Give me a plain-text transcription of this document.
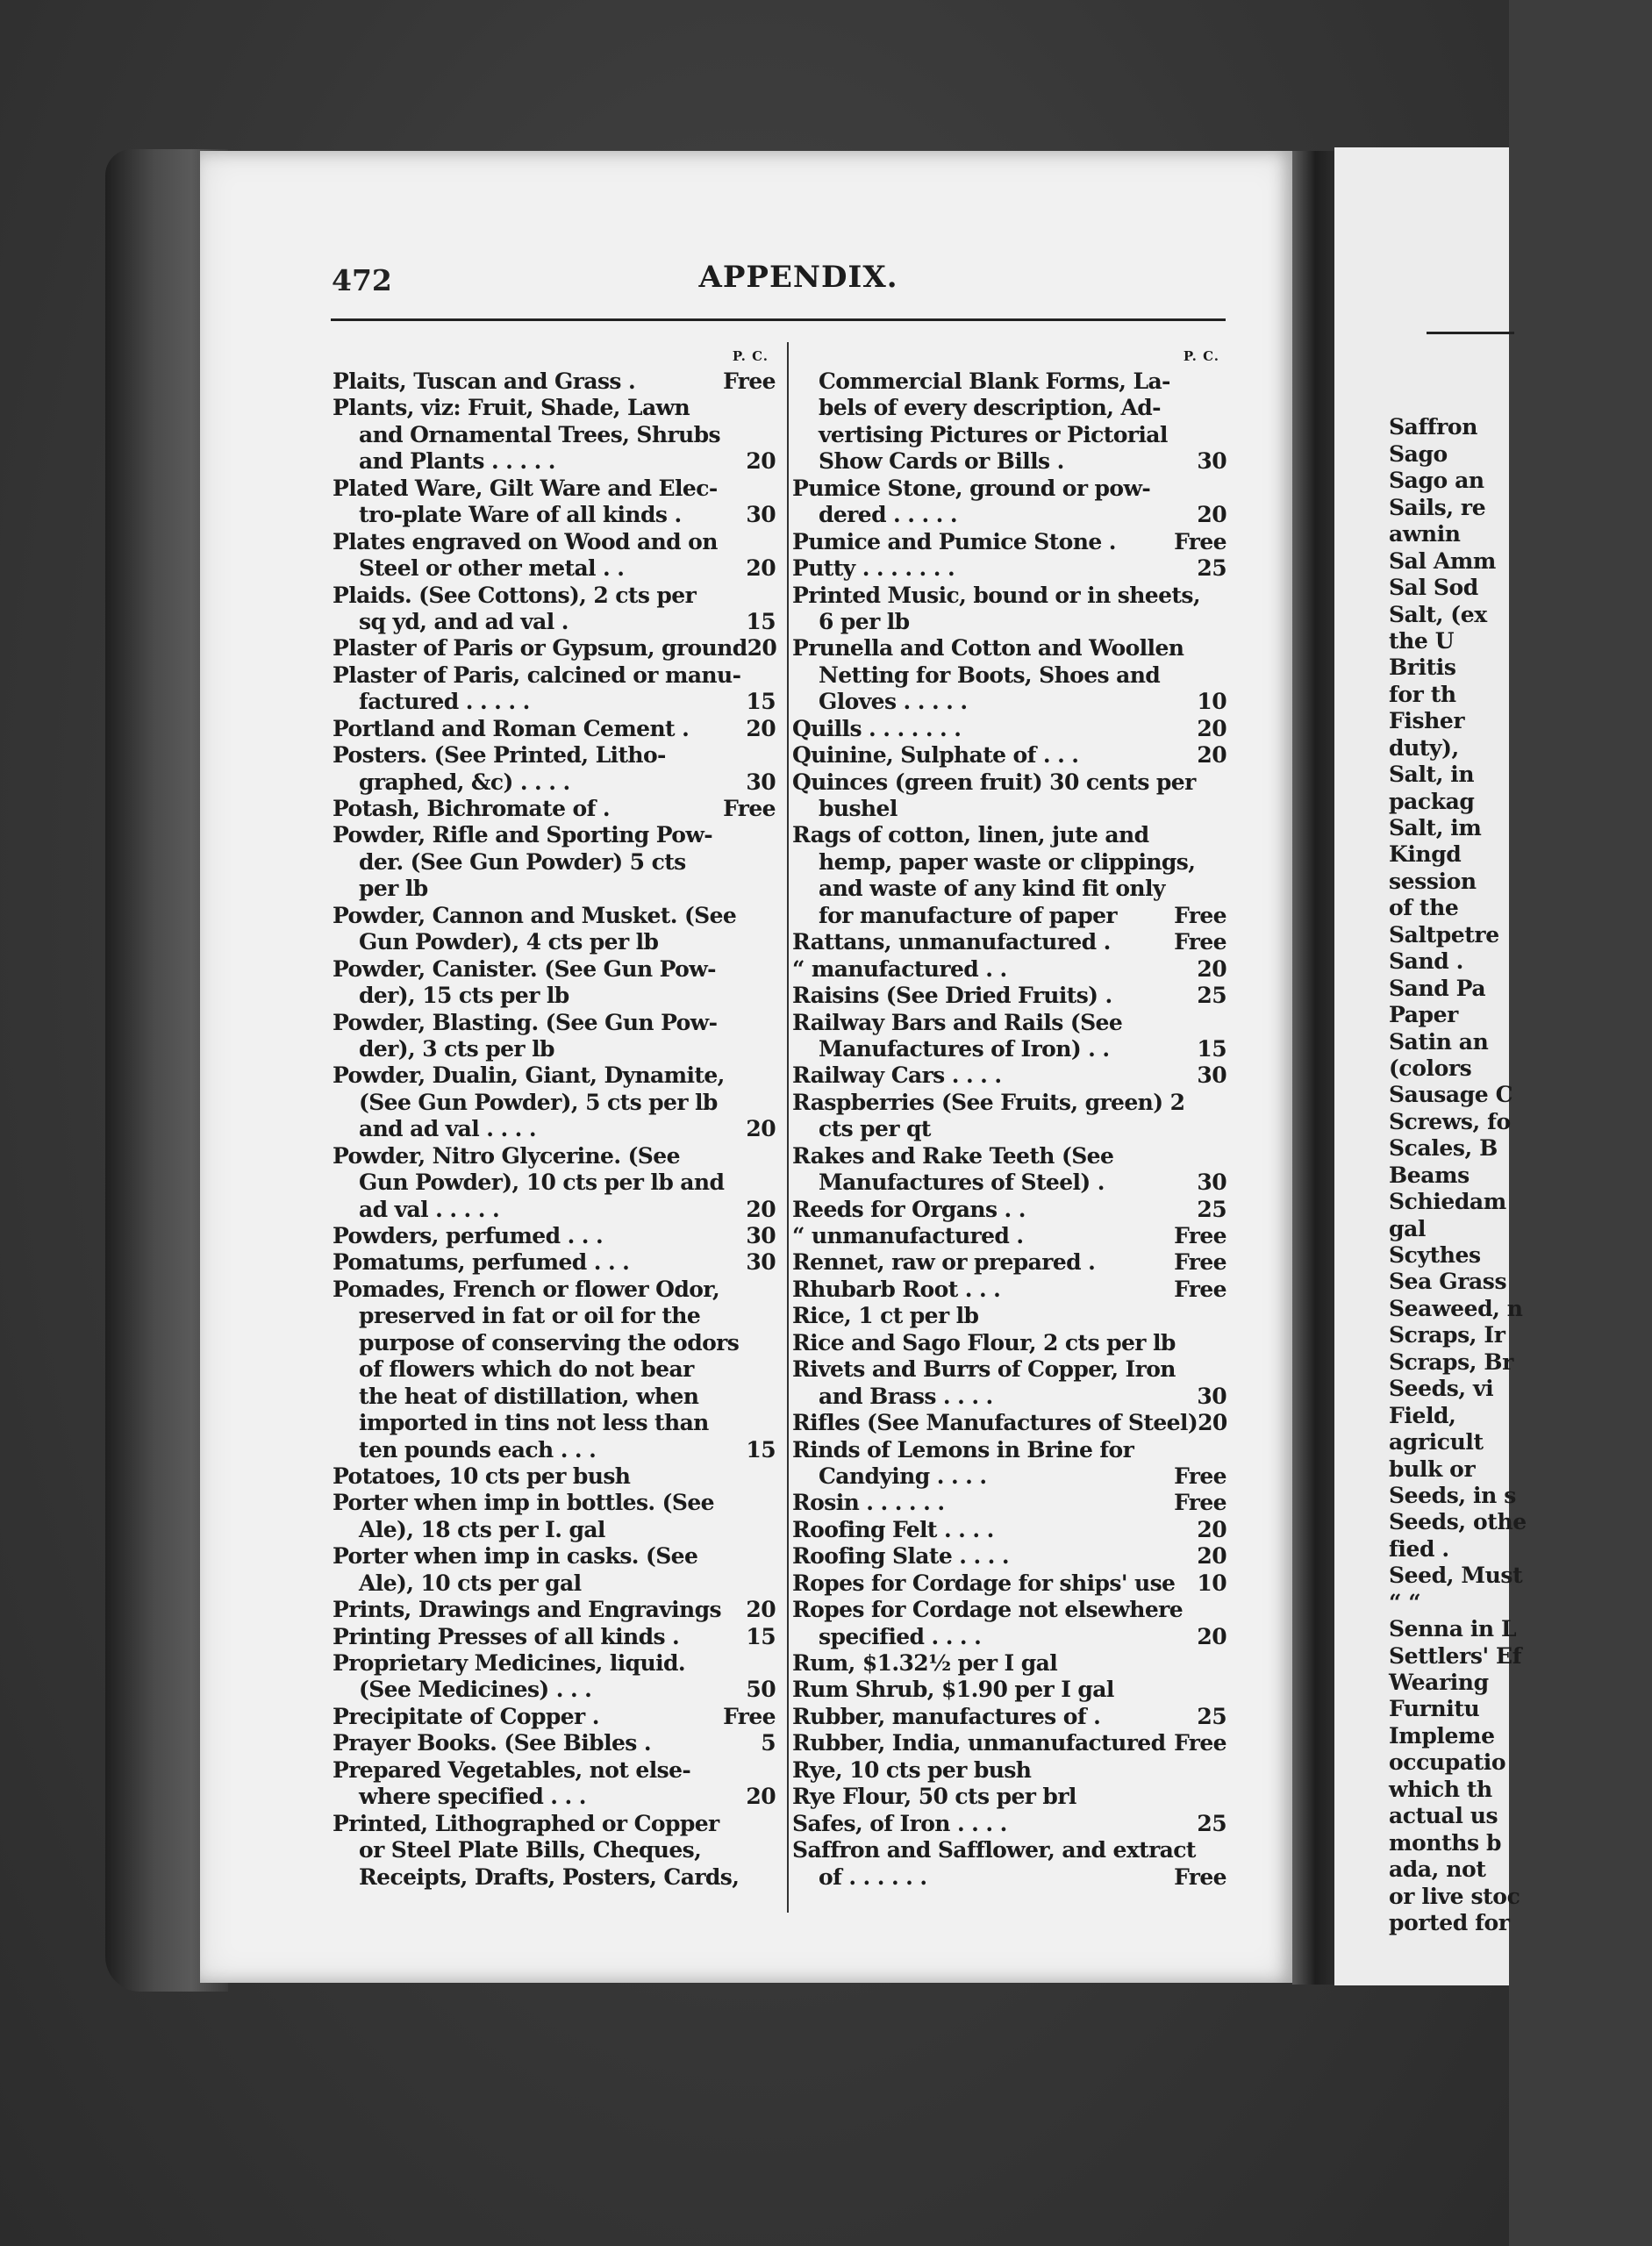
472	APPENDIX.
P. C.
Plaits, Tuscan and Grass .	Free
Plants, viz: Fruit, Shade, Lawn
and Ornamental Trees, Shrubs
and Plants . . . . .	20
Plated Ware, Gilt Ware and Elec-
tro-plate Ware of all kinds .	30
Plates engraved on Wood and on
Steel or other metal . .	20
Plaids. (See Cottons), 2 cts per
sq yd, and ad val .	15
Plaster of Paris or Gypsum, ground 20
Plaster of Paris, calcined or manu-
factured . . . . .	15
Portland and Roman Cement .	20
Posters. (See Printed, Litho-
graphed, &c) . . . .	30
Potash, Bichromate of .	Free
Powder, Rifle and Sporting Pow-
der. (See Gun Powder) 5 cts
per lb
Powder, Cannon and Musket. (See
Gun Powder), 4 cts per lb
Powder, Canister. (See Gun Pow-
der), 15 cts per lb
Powder, Blasting. (See Gun Pow-
der), 3 cts per lb
Powder, Dualin, Giant, Dynamite,
(See Gun Powder), 5 cts per lb
and ad val . . . .	20
Powder, Nitro Glycerine. (See
Gun Powder), 10 cts per lb and
ad val . . . . .	20
Powders, perfumed . . .	30
Pomatums, perfumed . . .	30
Pomades, French or flower Odor,
preserved in fat or oil for the
purpose of conserving the odors
of flowers which do not bear
the heat of distillation, when
imported in tins not less than
ten pounds each . . .	15
Potatoes, 10 cts per bush
Porter when imp in bottles. (See
Ale), 18 cts per I. gal
Porter when imp in casks. (See
Ale), 10 cts per gal
Prints, Drawings and Engravings 20
Printing Presses of all kinds .	15
Proprietary Medicines, liquid.
(See Medicines) . . .	50
Precipitate of Copper .	Free
Prayer Books. (See Bibles .	5
Prepared Vegetables, not else-
where specified . . .	20
Printed, Lithographed or Copper
or Steel Plate Bills, Cheques,
Receipts, Drafts, Posters, Cards,
P. C.
Commercial Blank Forms, La-
bels of every description, Ad-
vertising Pictures or Pictorial
Show Cards or Bills .	30
Pumice Stone, ground or pow-
dered . . . . .	20
Pumice and Pumice Stone .	Free
Putty . . . . . . .	25
Printed Music, bound or in sheets,
6 per lb
Prunella and Cotton and Woollen
Netting for Boots, Shoes and
Gloves . . . . .	10
Quills . . . . . . .	20
Quinine, Sulphate of . . .	20
Quinces (green fruit) 30 cents per
bushel
Rags of cotton, linen, jute and
hemp, paper waste or clippings,
and waste of any kind fit only
for manufacture of paper	Free
Rattans, unmanufactured .	Free
“ manufactured . .	20
Raisins (See Dried Fruits) .	25
Railway Bars and Rails (See
Manufactures of Iron) . .	15
Railway Cars . . . .	30
Raspberries (See Fruits, green) 2
cts per qt
Rakes and Rake Teeth (See
Manufactures of Steel) .	30
Reeds for Organs . .	25
“ unmanufactured .	Free
Rennet, raw or prepared .	Free
Rhubarb Root . . .	Free
Rice, 1 ct per lb
Rice and Sago Flour, 2 cts per lb
Rivets and Burrs of Copper, Iron
and Brass . . . .	30
Rifles (See Manufactures of Steel) 20
Rinds of Lemons in Brine for
Candying . . . .	Free
Rosin . . . . . .	Free
Roofing Felt . . . .	20
Roofing Slate . . . .	20
Ropes for Cordage for ships' use 10
Ropes for Cordage not elsewhere
specified . . . .	20
Rum, $1.32½ per I gal
Rum Shrub, $1.90 per I gal
Rubber, manufactures of .	25
Rubber, India, unmanufactured Free
Rye, 10 cts per bush
Rye Flour, 50 cts per brl
Safes, of Iron . . . .	25
Saffron and Safflower, and extract
of . . . . . .	Free
Saffron
Sago
Sago an
Sails, re
awnin
Sal Amm
Sal Sod
Salt, (ex
the U
Britis
for th
Fisher
duty),
Salt, in
packag
Salt, im
Kingd
session
of the
Saltpetre
Sand .
Sand Pa
Paper
Satin an
(colors
Sausage C
Screws, fo
Scales, B
Beams
Schiedam
gal
Scythes
Sea Grass
Seaweed, n
Scraps, Ir
Scraps, Br
Seeds, vi
Field,
agricult
bulk or
Seeds, in s
Seeds, othe
fied .
Seed, Must
“ “
Senna in L
Settlers' Ef
Wearing
Furnitu
Impleme
occupatio
which th
actual us
months b
ada, not
or live stoc
ported for
